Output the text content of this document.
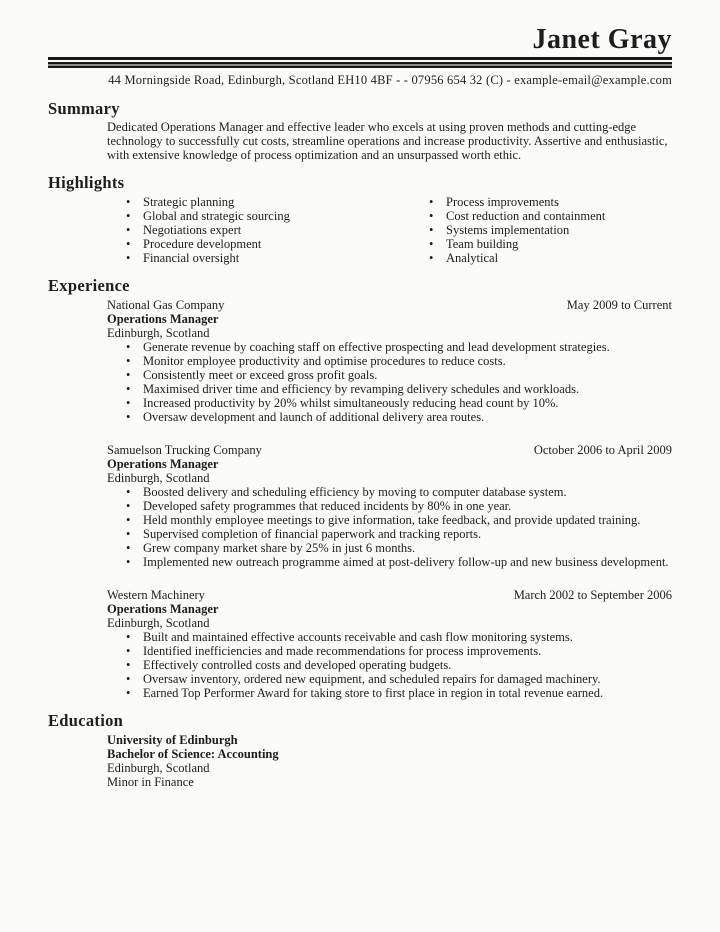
Janet Gray
44 Morningside Road, Edinburgh, Scotland EH10 4BF - - 07956 654 32 (C) - example-email@example.com
Summary
Dedicated Operations Manager and effective leader who excels at using proven methods and cutting-edge technology to successfully cut costs, streamline operations and increase productivity. Assertive and enthusiastic, with extensive knowledge of process optimization and an unsurpassed worth ethic.
Highlights
• Strategic planning
• Global and strategic sourcing
• Negotiations expert
• Procedure development
• Financial oversight
• Process improvements
• Cost reduction and containment
• Systems implementation
• Team building
• Analytical
Experience
National Gas Company	May 2009 to Current
Operations Manager
Edinburgh, Scotland
• Generate revenue by coaching staff on effective prospecting and lead development strategies.
• Monitor employee productivity and optimise procedures to reduce costs.
• Consistently meet or exceed gross profit goals.
• Maximised driver time and efficiency by revamping delivery schedules and workloads.
• Increased productivity by 20% whilst simultaneously reducing head count by 10%.
• Oversaw development and launch of additional delivery area routes.
Samuelson Trucking Company	October 2006 to April 2009
Operations Manager
Edinburgh, Scotland
• Boosted delivery and scheduling efficiency by moving to computer database system.
• Developed safety programmes that reduced incidents by 80% in one year.
• Held monthly employee meetings to give information, take feedback, and provide updated training.
• Supervised completion of financial paperwork and tracking reports.
• Grew company market share by 25% in just 6 months.
• Implemented new outreach programme aimed at post-delivery follow-up and new business development.
Western Machinery	March 2002 to September 2006
Operations Manager
Edinburgh, Scotland
• Built and maintained effective accounts receivable and cash flow monitoring systems.
• Identified inefficiencies and made recommendations for process improvements.
• Effectively controlled costs and developed operating budgets.
• Oversaw inventory, ordered new equipment, and scheduled repairs for damaged machinery.
• Earned Top Performer Award for taking store to first place in region in total revenue earned.
Education
University of Edinburgh
Bachelor of Science: Accounting
Edinburgh, Scotland
Minor in Finance
